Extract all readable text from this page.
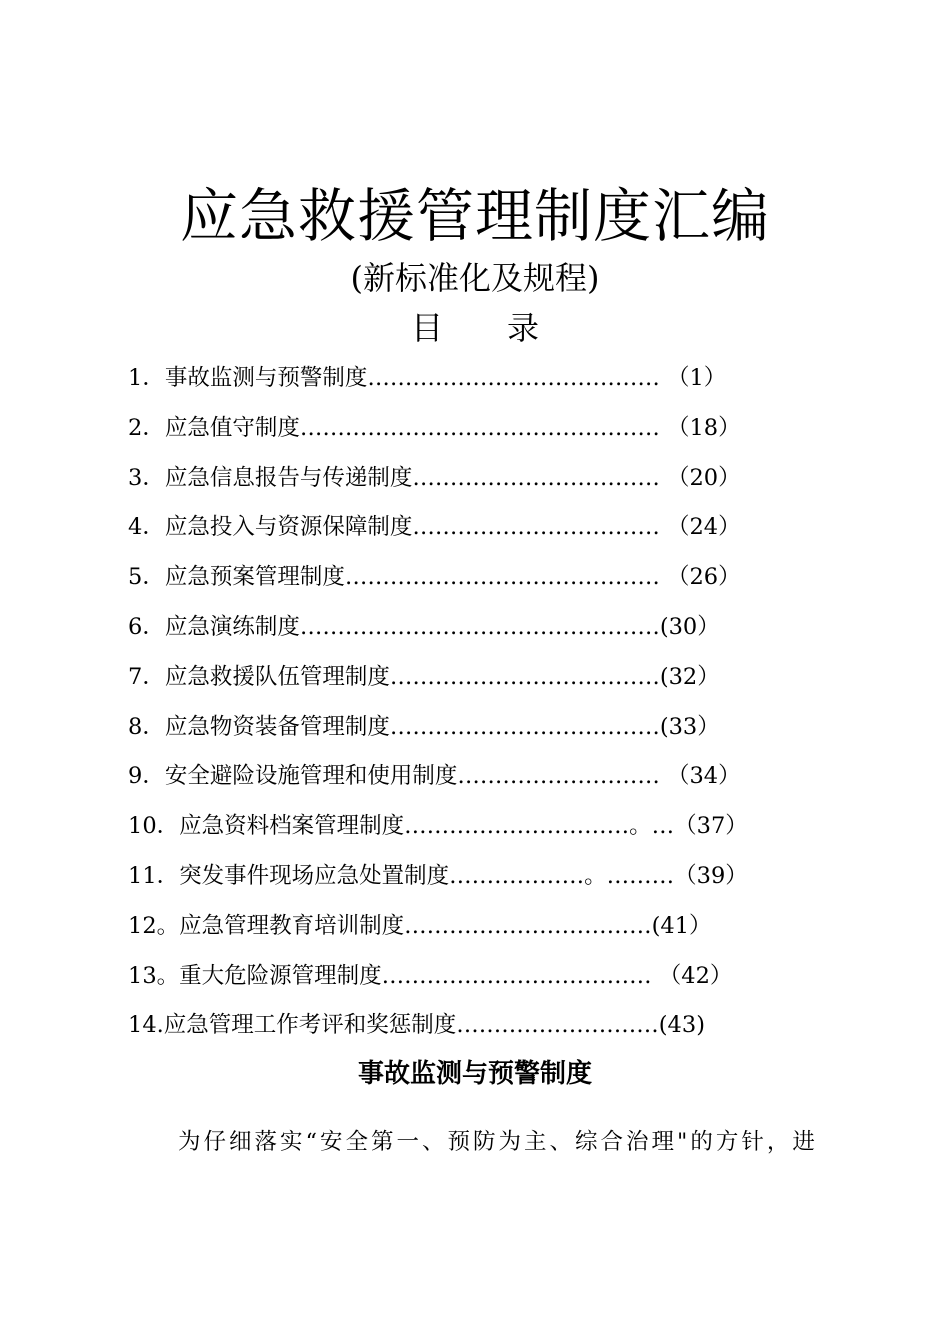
应急救援管理制度汇编
(新标准化及规程)
目 录
1．事故监测与预警制度………………………………… （1）
2．应急值守制度………………………………………… （18）
3．应急信息报告与传递制度…………………………… （20）
4．应急投入与资源保障制度…………………………… （24）
5．应急预案管理制度…………………………………… （26）
6．应急演练制度…………………………………………(30）
7．应急救援队伍管理制度………………………………(32）
8．应急物资装备管理制度………………………………(33）
9．安全避险设施管理和使用制度……………………… （34）
10．应急资料档案管理制度…………………………。…（37）
11．突发事件现场应急处置制度………………。………（39）
12。应急管理教育培训制度……………………………(41）
13。重大危险源管理制度……………………………… （42）
14.应急管理工作考评和奖惩制度………………………(43)
事故监测与预警制度
为仔细落实“安全第一、预防为主、综合治理"的方针，进
